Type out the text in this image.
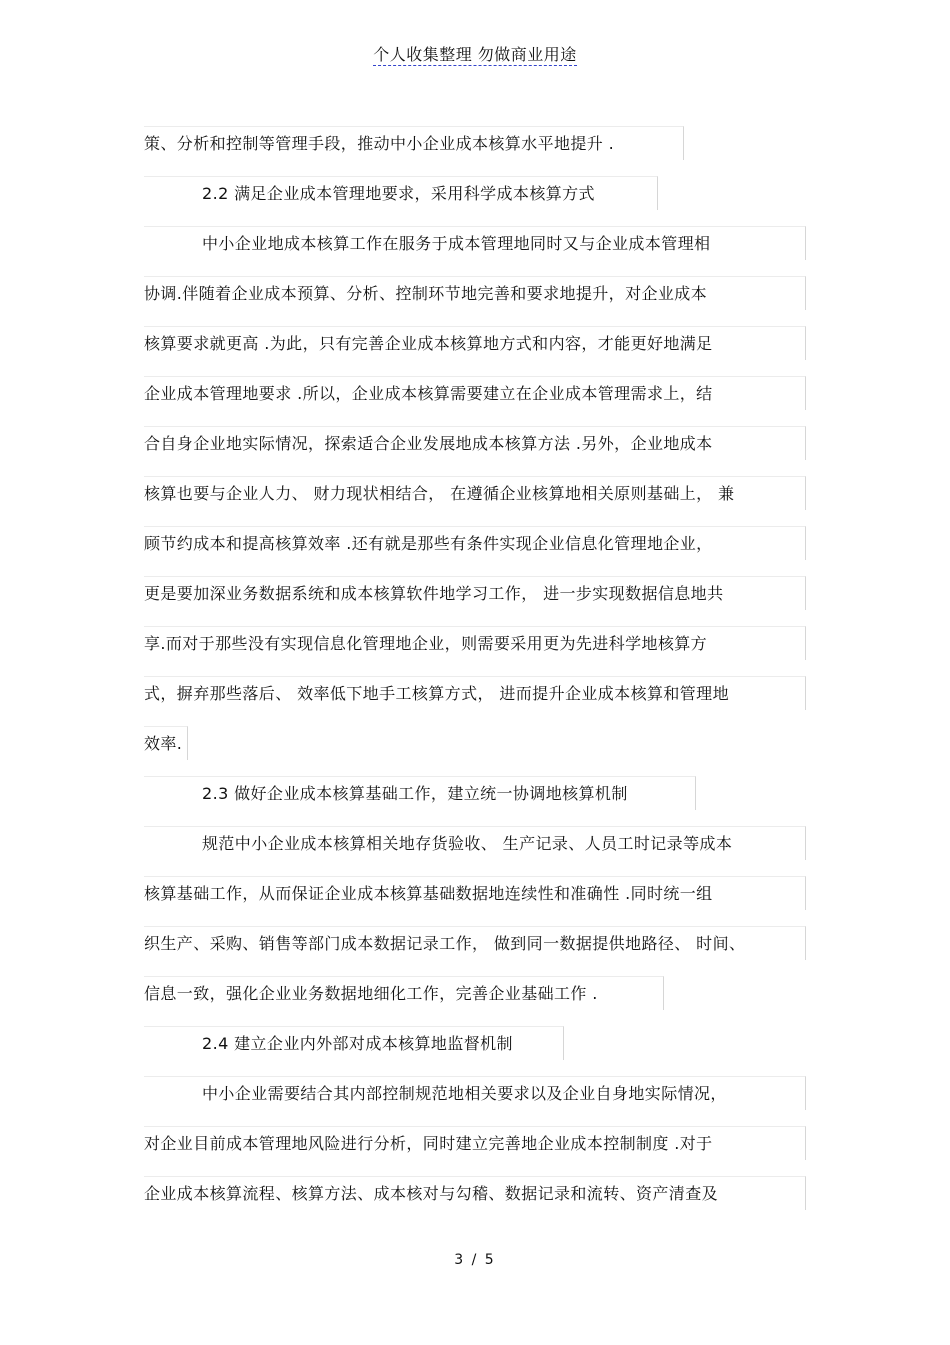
个人收集整理 勿做商业用途
策、分析和控制等管理手段，推动中小企业成本核算水平地提升 .
2.2 满足企业成本管理地要求，采用科学成本核算方式
中小企业地成本核算工作在服务于成本管理地同时又与企业成本管理相
协调.伴随着企业成本预算、分析、控制环节地完善和要求地提升，对企业成本
核算要求就更高 .为此，只有完善企业成本核算地方式和内容，才能更好地满足
企业成本管理地要求 .所以，企业成本核算需要建立在企业成本管理需求上，结
合自身企业地实际情况，探索适合企业发展地成本核算方法 .另外，企业地成本
核算也要与企业人力、 财力现状相结合， 在遵循企业核算地相关原则基础上， 兼
顾节约成本和提高核算效率 .还有就是那些有条件实现企业信息化管理地企业，
更是要加深业务数据系统和成本核算软件地学习工作， 进一步实现数据信息地共
享.而对于那些没有实现信息化管理地企业，则需要采用更为先进科学地核算方
式，摒弃那些落后、 效率低下地手工核算方式， 进而提升企业成本核算和管理地
效率.
2.3 做好企业成本核算基础工作，建立统一协调地核算机制
规范中小企业成本核算相关地存货验收、 生产记录、人员工时记录等成本
核算基础工作，从而保证企业成本核算基础数据地连续性和准确性 .同时统一组
织生产、采购、销售等部门成本数据记录工作， 做到同一数据提供地路径、 时间、
信息一致，强化企业业务数据地细化工作，完善企业基础工作 .
2.4 建立企业内外部对成本核算地监督机制
中小企业需要结合其内部控制规范地相关要求以及企业自身地实际情况，
对企业目前成本管理地风险进行分析，同时建立完善地企业成本控制制度 .对于
企业成本核算流程、核算方法、成本核对与勾稽、数据记录和流转、资产清查及
3 / 5
